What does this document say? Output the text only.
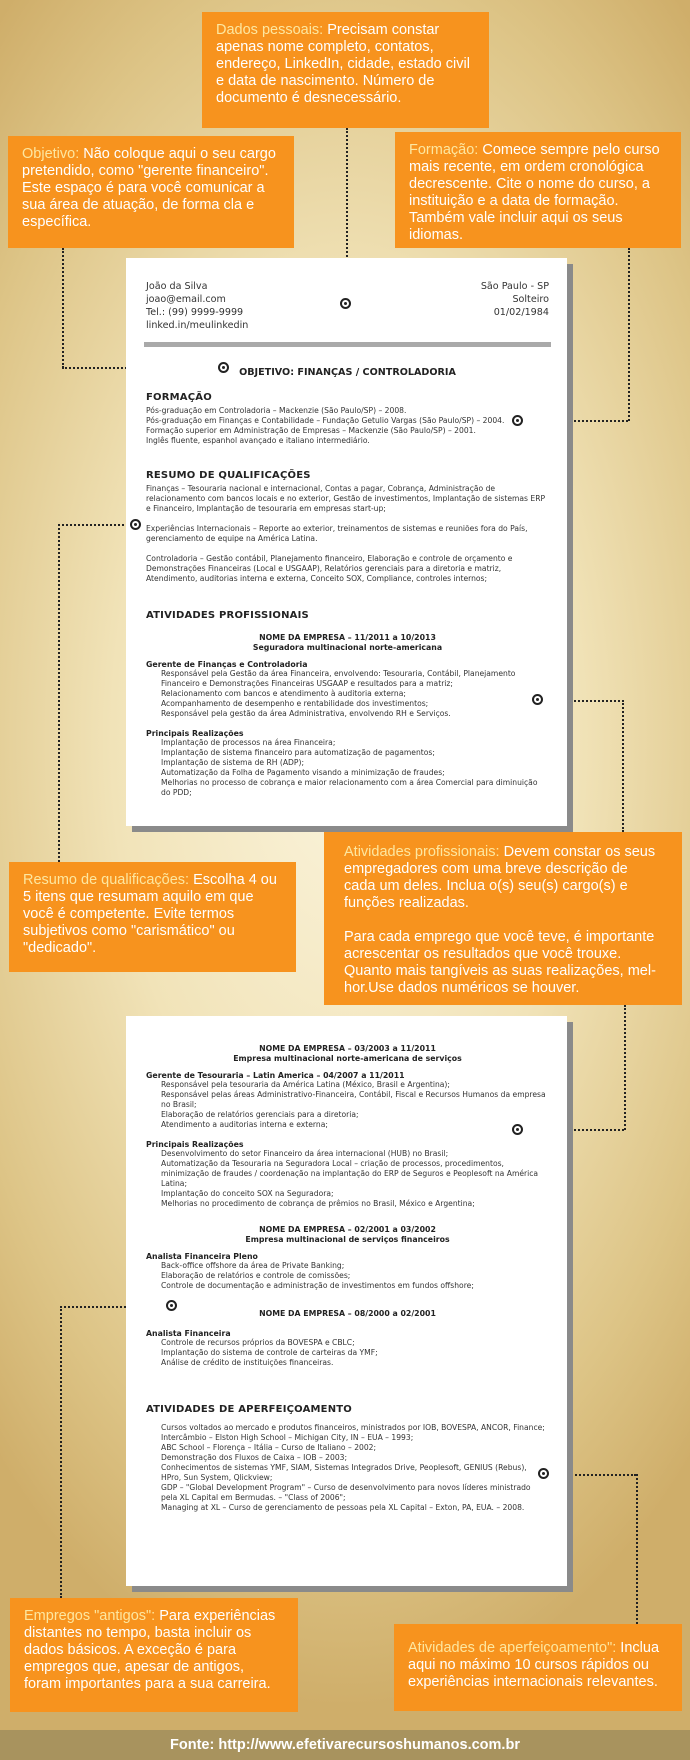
Dados pessoais: Precisam constar apenas nome completo, contatos, endereço, LinkedIn, cidade, estado civil e data de nascimento. Número de documento é desnecessário.
Objetivo: Não coloque aqui o seu cargo pretendido, como "gerente financeiro". Este espaço é para você comunicar a sua área de atuação, de forma cla e específica.
Formação: Comece sempre pelo curso mais recente, em ordem cronológica decrescente. Cite o nome do curso, a instituição e a data de formação. Também vale incluir aqui os seus idiomas.
Resumo de qualificações: Escolha 4 ou 5 itens que resumam aquilo em que você é competente. Evite termos subjetivos como "carismático" ou "dedicado".

Atividades profissionais: Devem constar os seus empregadores com uma breve descrição de cada um deles. Inclua o(s) seu(s) cargo(s) e funções realizadas.

Para cada emprego que você teve, é importante acrescentar os resultados que você trouxe. Quanto mais tangíveis as suas realizações, mel-hor.Use dados numéricos se houver.

Empregos "antigos": Para experiências distantes no tempo, basta incluir os dados básicos. A exceção é para empregos que, apesar de antigos, foram importantes para a sua carreira.
Atividades de aperfeiçoamento": Inclua aqui no máximo 10 cursos rápidos ou experiências internacionais relevantes.
João da Silva
joao@email.com
Tel.: (99) 9999-9999
linked.in/meulinkedin
São Paulo - SP
Solteiro
01/02/1984
OBJETIVO: FINANÇAS / CONTROLADORIA
FORMAÇÃO
Pós-graduação em Controladoria – Mackenzie (São Paulo/SP) – 2008.
Pós-graduação em Finanças e Contabilidade – Fundação Getulio Vargas (São Paulo/SP) – 2004.
Formação superior em Administração de Empresas – Mackenzie (São Paulo/SP) – 2001.
Inglês fluente, espanhol avançado e italiano intermediário.
RESUMO DE QUALIFICAÇÕES
Finanças – Tesouraria nacional e internacional, Contas a pagar, Cobrança, Administração de relacionamento com bancos locais e no exterior, Gestão de investimentos, Implantação de sistemas ERP e Financeiro, Implantação de tesouraria em empresas start-up;
Experiências Internacionais – Reporte ao exterior, treinamentos de sistemas e reuniões fora do País, gerenciamento de equipe na América Latina.
Controladoria – Gestão contábil, Planejamento financeiro, Elaboração e controle de orçamento e Demonstrações Financeiras (Local e USGAAP), Relatórios gerenciais para a diretoria e matriz, Atendimento, auditorias interna e externa, Conceito SOX, Compliance, controles internos;
ATIVIDADES PROFISSIONAIS
NOME DA EMPRESA – 11/2011 a 10/2013
Seguradora multinacional norte-americana
Gerente de Finanças e Controladoria
Responsável pela Gestão da área Financeira, envolvendo: Tesouraria, Contábil, Planejamento Financeiro e Demonstrações Financeiras USGAAP e resultados para a matriz;
Relacionamento com bancos e atendimento à auditoria externa;
Acompanhamento de desempenho e rentabilidade dos investimentos;
Responsável pela gestão da área Administrativa, envolvendo RH e Serviços.
Principais Realizações
Implantação de processos na área Financeira;
Implantação de sistema financeiro para automatização de pagamentos;
Implantação de sistema de RH (ADP);
Automatização da Folha de Pagamento visando a minimização de fraudes;
Melhorias no processo de cobrança e maior relacionamento com a área Comercial para diminuição do PDD;
NOME DA EMPRESA – 03/2003 a 11/2011
Empresa multinacional norte-americana de serviços
Gerente de Tesouraria – Latin America – 04/2007 a 11/2011
Responsável pela tesouraria da América Latina (México, Brasil e Argentina);
Responsável pelas áreas Administrativo-Financeira, Contábil, Fiscal e Recursos Humanos da empresa no Brasil;
Elaboração de relatórios gerenciais para a diretoria;
Atendimento a auditorias interna e externa;
Principais Realizações
Desenvolvimento do setor Financeiro da área internacional (HUB) no Brasil;
Automatização da Tesouraria na Seguradora Local – criação de processos, procedimentos, minimização de fraudes / coordenação na implantação do ERP de Seguros e Peoplesoft na América Latina;
Implantação do conceito SOX na Seguradora;
Melhorias no procedimento de cobrança de prêmios no Brasil, México e Argentina;
NOME DA EMPRESA – 02/2001 a 03/2002
Empresa multinacional de serviços financeiros
Analista Financeira Pleno
Back-office offshore da área de Private Banking;
Elaboração de relatórios e controle de comissões;
Controle de documentação e administração de investimentos em fundos offshore;
NOME DA EMPRESA – 08/2000 a 02/2001
Analista Financeira
Controle de recursos próprios da BOVESPA e CBLC;
Implantação do sistema de controle de carteiras da YMF;
Análise de crédito de instituições financeiras.
ATIVIDADES DE APERFEIÇOAMENTO
Cursos voltados ao mercado e produtos financeiros, ministrados por IOB, BOVESPA, ANCOR, Finance;
Intercâmbio – Elston High School – Michigan City, IN – EUA – 1993;
ABC School – Florença – Itália – Curso de Italiano – 2002;
Demonstração dos Fluxos de Caixa – IOB – 2003;
Conhecimentos de sistemas YMF, SIAM, Sistemas Integrados Drive, Peoplesoft, GENIUS (Rebus), HPro, Sun System, Qlickview;
GDP – "Global Development Program" – Curso de desenvolvimento para novos líderes ministrado pela XL Capital em Bermudas. – "Class of 2006";
Managing at XL – Curso de gerenciamento de pessoas pela XL Capital – Exton, PA, EUA. – 2008.
Fonte: http://www.efetivarecursoshumanos.com.br
